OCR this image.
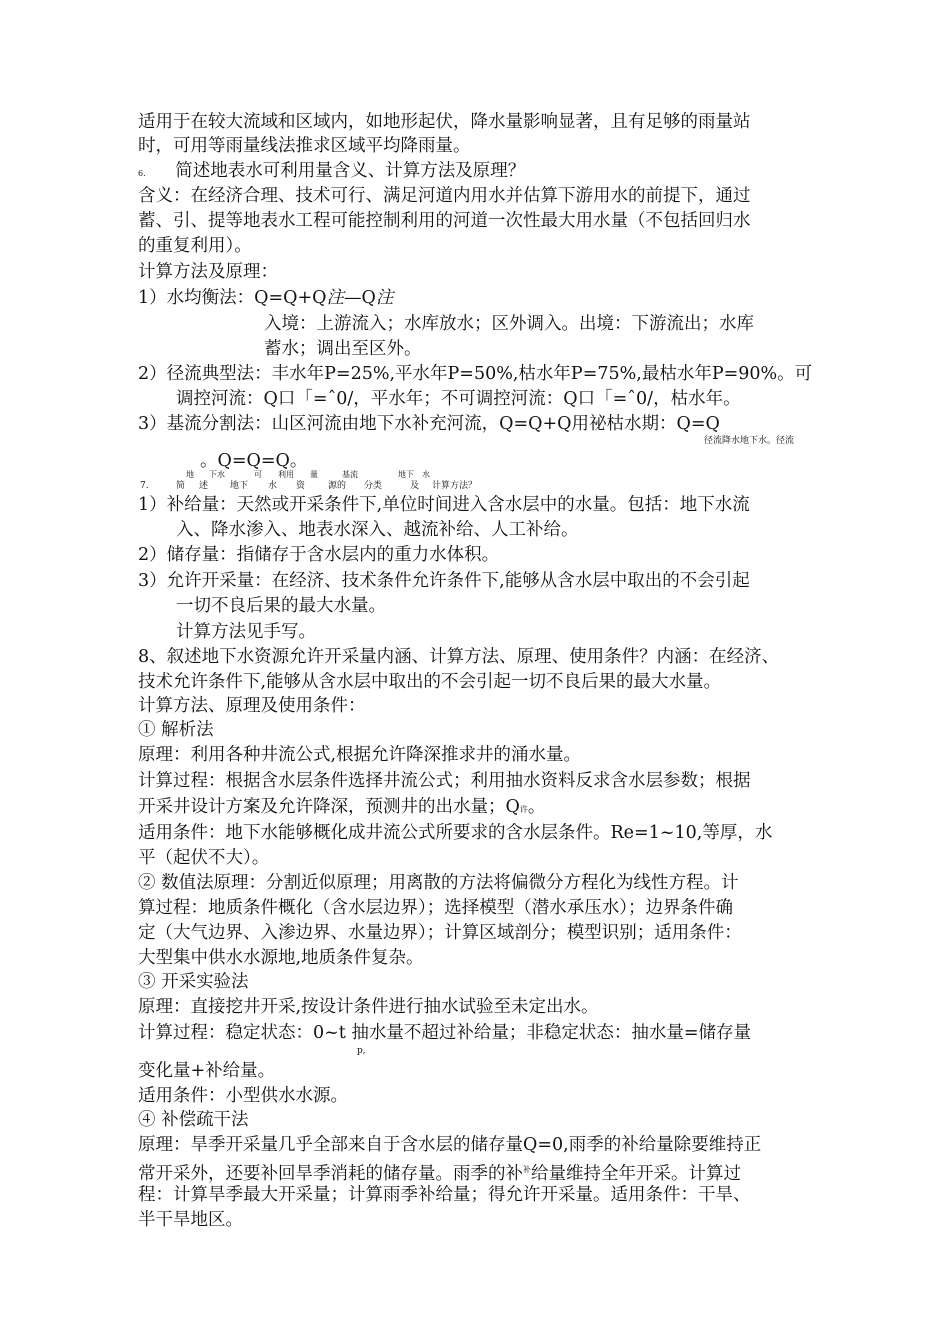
适用于在较大流域和区域内，如地形起伏，降水量影响显著，且有足够的雨量站
时，可用等雨量线法推求区域平均降雨量。
6. 简述地表水可利用量含义、计算方法及原理？
含义：在经济合理、技术可行、满足河道内用水并估算下游用水的前提下，通过
蓄、引、提等地表水工程可能控制利用的河道一次性最大用水量（不包括回归水
的重复利用）。
计算方法及原理：
1）水均衡法：Q=Q+Q注—Q注
入境：上游流入；水库放水；区外调入。出境：下游流出；水库
蓄水；调出至区外。
2）径流典型法：丰水年P=25%,平水年P=50%,枯水年P=75%,最枯水年P=90%。可
调控河流：Q口「=ˆ0/，平水年；不可调控河流：Q口「=ˆ0/，枯水年。
3）基流分割法：山区河流由地下水补充河流，Q=Q+Q用祕枯水期：Q=Q
径流降水地下水。径流
。Q=Q=Q。
地 下水	可 利用 量	基流	地下 水
7.	简 述 地下 水 资	源的 分类	及 计算方法？
1）补给量：天然或开采条件下,单位时间进入含水层中的水量。包括：地下水流
入、降水渗入、地表水深入、越流补给、人工补给。
2）储存量：指储存于含水层内的重力水体积。
3）允许开采量：在经济、技术条件允许条件下,能够从含水层中取出的不会引起
一切不良后果的最大水量。
计算方法见手写。
8、叙述地下水资源允许开采量内涵、计算方法、原理、使用条件？内涵：在经济、
技术允许条件下,能够从含水层中取出的不会引起一切不良后果的最大水量。
计算方法、原理及使用条件：
① 解析法
原理：利用各种井流公式,根据允许降深推求井的涌水量。
计算过程：根据含水层条件选择井流公式；利用抽水资料反求含水层参数；根据
开采井设计方案及允许降深，预测井的出水量；Q许。
适用条件：地下水能够概化成井流公式所要求的含水层条件。Re=1~10,等厚，水
平（起伏不大）。
② 数值法原理：分割近似原理；用离散的方法将偏微分方程化为线性方程。计
算过程：地质条件概化（含水层边界）；选择模型（潜水承压水）；边界条件确
定（大气边界、入渗边界、水量边界）；计算区域剖分；模型识别；适用条件：
大型集中供水水源地,地质条件复杂。
③ 开采实验法
原理：直接挖井开采,按设计条件进行抽水试验至未定出水。
计算过程：稳定状态：0~t 抽水量不超过补给量；非稳定状态：抽水量=储存量
p,
变化量+补给量。
适用条件：小型供水水源。
④ 补偿疏干法
原理：旱季开采量几乎全部来自于含水层的储存量Q=0,雨季的补给量除要维持正
常开采外，还要补回旱季消耗的储存量。雨季的补$^补$给量维持全年开采。计算过
程：计算旱季最大开采量；计算雨季补给量；得允许开采量。适用条件：干旱、
半干旱地区。
